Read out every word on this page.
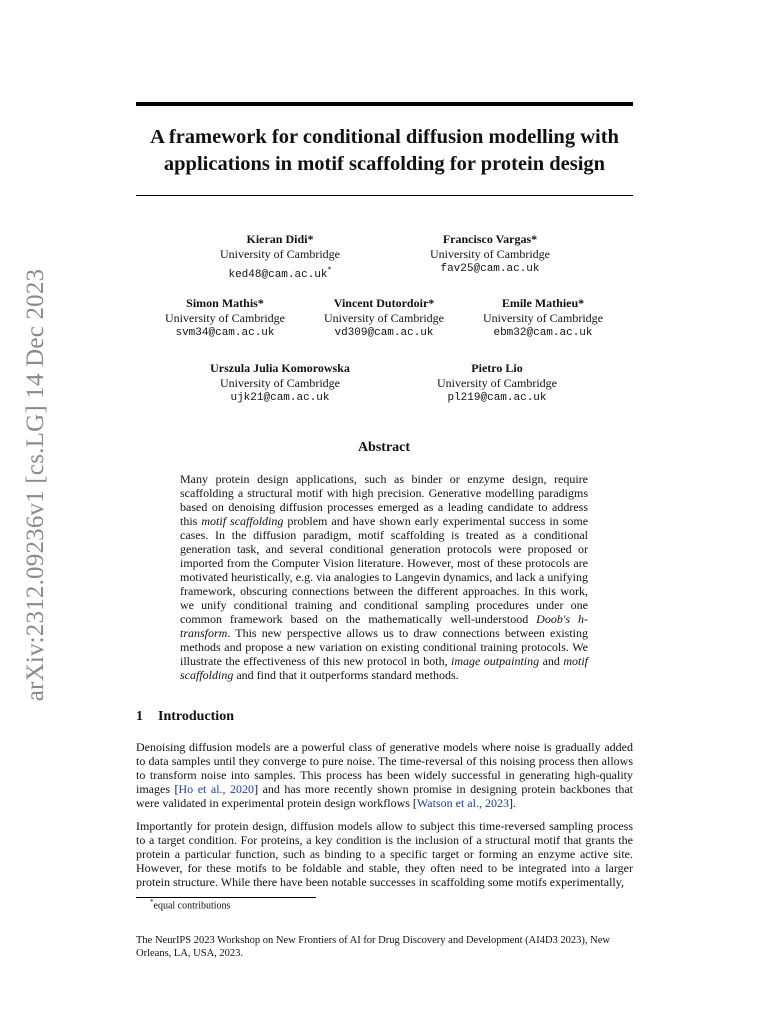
arXiv:2312.09236v1 [cs.LG] 14 Dec 2023
A framework for conditional diffusion modelling with
applications in motif scaffolding for protein design
Kieran Didi*
University of Cambridge
ked48@cam.ac.uk*
Francisco Vargas*
University of Cambridge
fav25@cam.ac.uk
Simon Mathis*
University of Cambridge
svm34@cam.ac.uk
Vincent Dutordoir*
University of Cambridge
vd309@cam.ac.uk
Emile Mathieu*
University of Cambridge
ebm32@cam.ac.uk
Urszula Julia Komorowska
University of Cambridge
ujk21@cam.ac.uk
Pietro Lio
University of Cambridge
pl219@cam.ac.uk
Abstract

Many protein design applications, such as binder or enzyme design, require scaffolding a structural motif with high precision. Generative modelling paradigms based on denoising diffusion processes emerged as a leading candidate to address this motif scaffolding problem and have shown early experimental success in some cases. In the diffusion paradigm, motif scaffolding is treated as a conditional generation task, and several conditional generation protocols were proposed or imported from the Computer Vision literature. However, most of these protocols are motivated heuristically, e.g. via analogies to Langevin dynamics, and lack a unifying framework, obscuring connections between the different approaches. In this work, we unify conditional training and conditional sampling procedures under one common framework based on the mathematically well-understood Doob's h-transform. This new perspective allows us to draw connections between existing methods and propose a new variation on existing conditional training protocols. We illustrate the effectiveness of this new protocol in both, image outpainting and motif scaffolding and find that it outperforms standard methods.

1 Introduction

Denoising diffusion models are a powerful class of generative models where noise is gradually added to data samples until they converge to pure noise. The time-reversal of this noising process then allows to transform noise into samples. This process has been widely successful in generating high-quality images [Ho et al., 2020] and has more recently shown promise in designing protein backbones that were validated in experimental protein design workflows [Watson et al., 2023].

Importantly for protein design, diffusion models allow to subject this time-reversed sampling process to a target condition. For proteins, a key condition is the inclusion of a structural motif that grants the protein a particular function, such as binding to a specific target or forming an enzyme active site. However, for these motifs to be foldable and stable, they often need to be integrated into a larger protein structure. While there have been notable successes in scaffolding some motifs experimentally,

*equal contributions

The NeurIPS 2023 Workshop on New Frontiers of AI for Drug Discovery and Development (AI4D3 2023), New Orleans, LA, USA, 2023.
